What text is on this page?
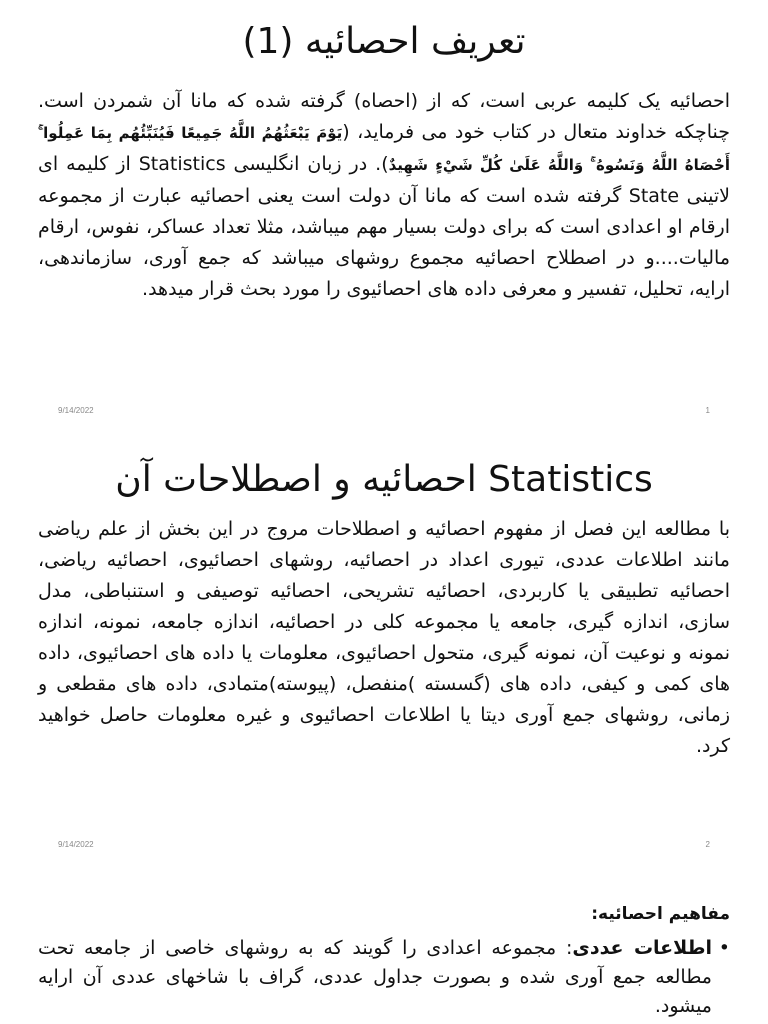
(1) تعریف احصائیه

احصائیه یک کلیمه عربی است، که از (احصاه) گرفته شده که مانا آن شمردن است. چناچکه خداوند متعال در کتاب خود می فرماید، (يَوْمَ يَبْعَثُهُمُ اللَّهُ جَمِيعًا فَيُنَبِّئُهُم بِمَا عَمِلُوا ۚ أَحْصَاهُ اللَّهُ وَنَسُوهُ ۚ وَاللَّهُ عَلَىٰ كُلِّ شَيْءٍ شَهِيدٌ). در زبان انگلیسی Statistics از کلیمه ای لاتینی State گرفته شده است که مانا آن دولت است یعنی احصائیه عبارت از مجموعه ارقام او اعدادی است که برای دولت بسیار مهم میباشد، مثلا تعداد عساکر، نفوس، ارقام مالیات....و در اصطلاح احصائیه مجموع روشهای میباشد که جمع آوری، سازماندهی، ارایه، تحلیل، تفسیر و معرفی داده های احصائیوی را مورد بحث قرار میدهد.

9/14/2022	1
احصائیه و اصطلاحات آن Statistics

با مطالعه این فصل از مفهوم احصائیه و اصطلاحات مروج در این بخش از علم ریاضی مانند اطلاعات عددی، تیوری اعداد در احصائیه، روشهای احصائیوی، احصائیه ریاضی، احصائیه تطبیقی یا کاربردی، احصائیه تشریحی، احصائیه توصیفی و استنباطی، مدل سازی، اندازه گیری، جامعه یا مجموعه کلی در احصائیه، اندازه جامعه، نمونه، اندازه نمونه و نوعیت آن، نمونه گیری، متحول احصائیوی، معلومات یا داده های احصائیوی، داده های کمی و کیفی، داده های (گسسته )منفصل، (پیوسته)متمادی، داده های مقطعی و زمانی، روشهای جمع آوری دیتا یا اطلاعات احصائیوی و غیره معلومات حاصل خواهید کرد.

9/14/2022	2
مفاهیم احصائیه:
•
اطلاعات عددی: مجموعه اعدادی را گویند که به روشهای خاصی از جامعه تحت مطالعه جمع آوری شده و بصورت جداول عددی، گراف با شاخهای عددی آن ارایه میشود.
